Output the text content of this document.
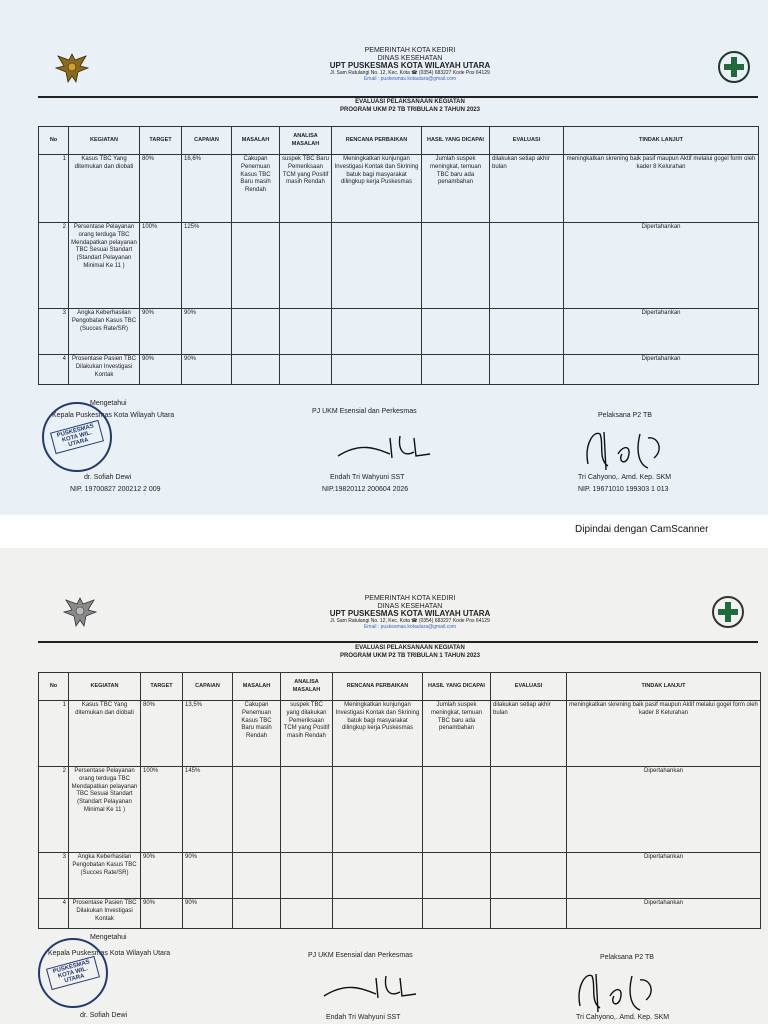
PEMERINTAH KOTA KEDIRI
DINAS KESEHATAN
UPT PUSKESMAS KOTA WILAYAH UTARA
Jl. Sam Ratulangi No. 12, Kec. Kota ☎ (0354) 683227 Kode Pos 64129
Email : puskesmas.kotautara@gmail.com
EVALUASI PELAKSANAAN KEGIATAN
PROGRAM UKM P2 TB TRIBULAN 2 TAHUN 2023
No	KEGIATAN	TARGET	CAPAIAN	MASALAH	ANALISA MASALAH	RENCANA PERBAIKAN	HASIL YANG DICAPAI	EVALUASI	TINDAK LANJUT
1	Kasus TBC Yang ditemukan dan diobati	80%	16,6%	Cakupan Penemuan Kasus TBC Baru masih Rendah	suspek TBC Baru Pemeriksaan TCM yang Positif masih Rendah	Meningkatkan kunjungan Investigasi Kontak dan Skrining batuk bagi masyarakat dilingkup kerja Puskesmas	Jumlah suspek meningkat, temuan TBC baru ada penambahan	dilakukan setiap akhir bulan	meningkatkan skrening baik pasif maupun Aktif melalui gogel form oleh kader 8 Kelurahan
2	Persentase Pelayanan orang terduga TBC Mendapatkan pelayanan TBC Sesuai Standart (Standart Pelayanan Minimal Ke 11 )	100%	125%						Dipertahankan
3	Angka Keberhasilan Pengobatan Kasus TBC (Succes Rate/SR)	90%	90%						Dipertahankan
4	Prosentase Pasien TBC Dilakukan Investigasi Kontak	90%	90%						Dipertahankan
Mengetahui
Kepala Puskesmas Kota Wilayah Utara
PUSKESMAS KOTA WIL. UTARA
dr. Sofiah Dewi
NIP. 19700827 200212 2 009
PJ UKM Esensial dan Perkesmas
Endah Tri Wahyuni SST
NIP.19820112 200604 2026
Pelaksana P2 TB
Tri Cahyono,. Amd. Kep. SKM
NIP. 19671010 199303 1 013
Dipindai dengan CamScanner
PEMERINTAH KOTA KEDIRI
DINAS KESEHATAN
UPT PUSKESMAS KOTA WILAYAH UTARA
Jl. Sam Ratulangi No. 12, Kec. Kota ☎ (0354) 683227 Kode Pos 64129
Email : puskesmas.kotautara@gmail.com
EVALUASI PELAKSANAAN KEGIATAN
PROGRAM UKM P2 TB TRIBULAN 1 TAHUN 2023
No	KEGIATAN	TARGET	CAPAIAN	MASALAH	ANALISA MASALAH	RENCANA PERBAIKAN	HASIL YANG DICAPAI	EVALUASI	TINDAK LANJUT
1	Kasus TBC Yang ditemukan dan diobati	80%	13,5%	Cakupan Penemuan Kasus TBC Baru masih Rendah	suspek TBC yang dilakukan Pemeriksaan TCM yang Positif masih Rendah	Meningkatkan kunjungan Investigasi Kontak dan Skrining batuk bagi masyarakat dilingkup kerja Puskesmas	Jumlah suspek meningkat, temuan TBC baru ada penambahan	dilakukan setiap akhir bulan	meningkatkan skrening baik pasif maupun Aktif melalui gogel form oleh kader 8 Kelurahan
2	Persentase Pelayanan orang terduga TBC Mendapatkan pelayanan TBC Sesuai Standart (Standart Pelayanan Minimal Ke 11 )	100%	145%						Dipertahankan
3	Angka Keberhasilan Pengobatan Kasus TBC (Succes Rate/SR)	90%	90%						Dipertahankan
4	Prosentase Pasien TBC Dilakukan Investigasi Kontak	90%	90%						Dipertahankan
Mengetahui
Kepala Puskesmas Kota Wilayah Utara
PUSKESMAS KOTA WIL. UTARA
dr. Sofiah Dewi
PJ UKM Esensial dan Perkesmas
Endah Tri Wahyuni SST
Pelaksana P2 TB
Tri Cahyono,. Amd. Kep. SKM
